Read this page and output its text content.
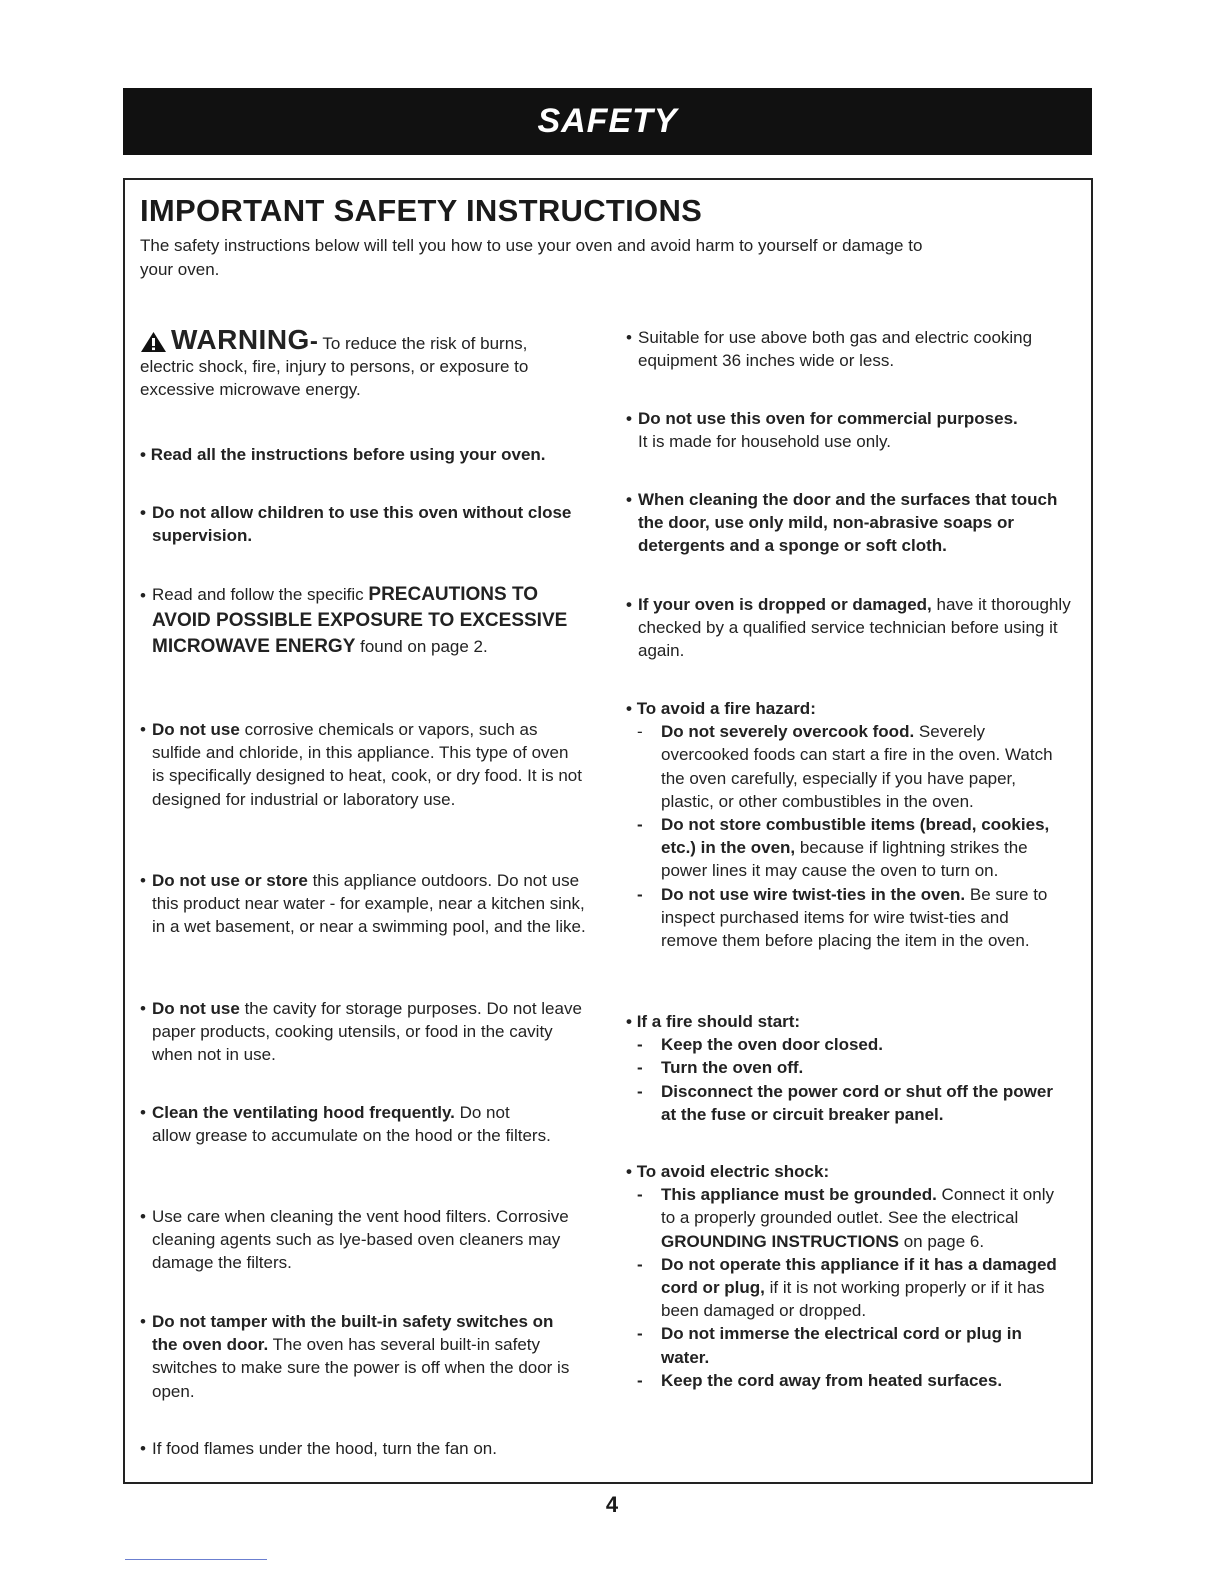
SAFETY
IMPORTANT SAFETY INSTRUCTIONS

The safety instructions below will tell you how to use your oven and avoid harm to yourself or damage to your oven.

WARNING - To reduce the risk of burns,
electric shock, fire, injury to persons, or exposure to excessive microwave energy.
• Read all the instructions before using your oven.
• Do not allow children to use this oven without close supervision.
• Read and follow the specific PRECAUTIONS TO AVOID POSSIBLE EXPOSURE TO EXCESSIVE MICROWAVE ENERGY found on page 2.
• Do not use corrosive chemicals or vapors, such as sulfide and chloride, in this appliance. This type of oven is specifically designed to heat, cook, or dry food. It is not designed for industrial or laboratory use.
• Do not use or store this appliance outdoors. Do not use this product near water - for example, near a kitchen sink, in a wet basement, or near a swimming pool, and the like.
• Do not use the cavity for storage purposes. Do not leave paper products, cooking utensils, or food in the cavity when not in use.
• Clean the ventilating hood frequently. Do not allow grease to accumulate on the hood or the filters.
• Use care when cleaning the vent hood filters. Corrosive cleaning agents such as lye-based oven cleaners may damage the filters.
• Do not tamper with the built-in safety switches on the oven door. The oven has several built-in safety switches to make sure the power is off when the door is open.
• If food flames under the hood, turn the fan on.
• Suitable for use above both gas and electric cooking equipment 36 inches wide or less.
• Do not use this oven for commercial purposes.
It is made for household use only.
• When cleaning the door and the surfaces that touch the door, use only mild, non-abrasive soaps or detergents and a sponge or soft cloth.
• If your oven is dropped or damaged, have it thoroughly checked by a qualified service technician before using it again.
• To avoid a fire hazard:
-	Do not severely overcook food. Severely overcooked foods can start a fire in the oven. Watch the oven carefully, especially if you have paper, plastic, or other combustibles in the oven.
-	Do not store combustible items (bread, cookies, etc.) in the oven, because if lightning strikes the power lines it may cause the oven to turn on.
-	Do not use wire twist-ties in the oven. Be sure to inspect purchased items for wire twist-ties and remove them before placing the item in the oven.
• If a fire should start:
-	Keep the oven door closed.
-	Turn the oven off.
-	Disconnect the power cord or shut off the power at the fuse or circuit breaker panel.
• To avoid electric shock:
-	This appliance must be grounded. Connect it only to a properly grounded outlet. See the electrical GROUNDING INSTRUCTIONS on page 6.
-	Do not operate this appliance if it has a damaged cord or plug, if it is not working properly or if it has been damaged or dropped.
-	Do not immerse the electrical cord or plug in water.
-	Keep the cord away from heated surfaces.
4
